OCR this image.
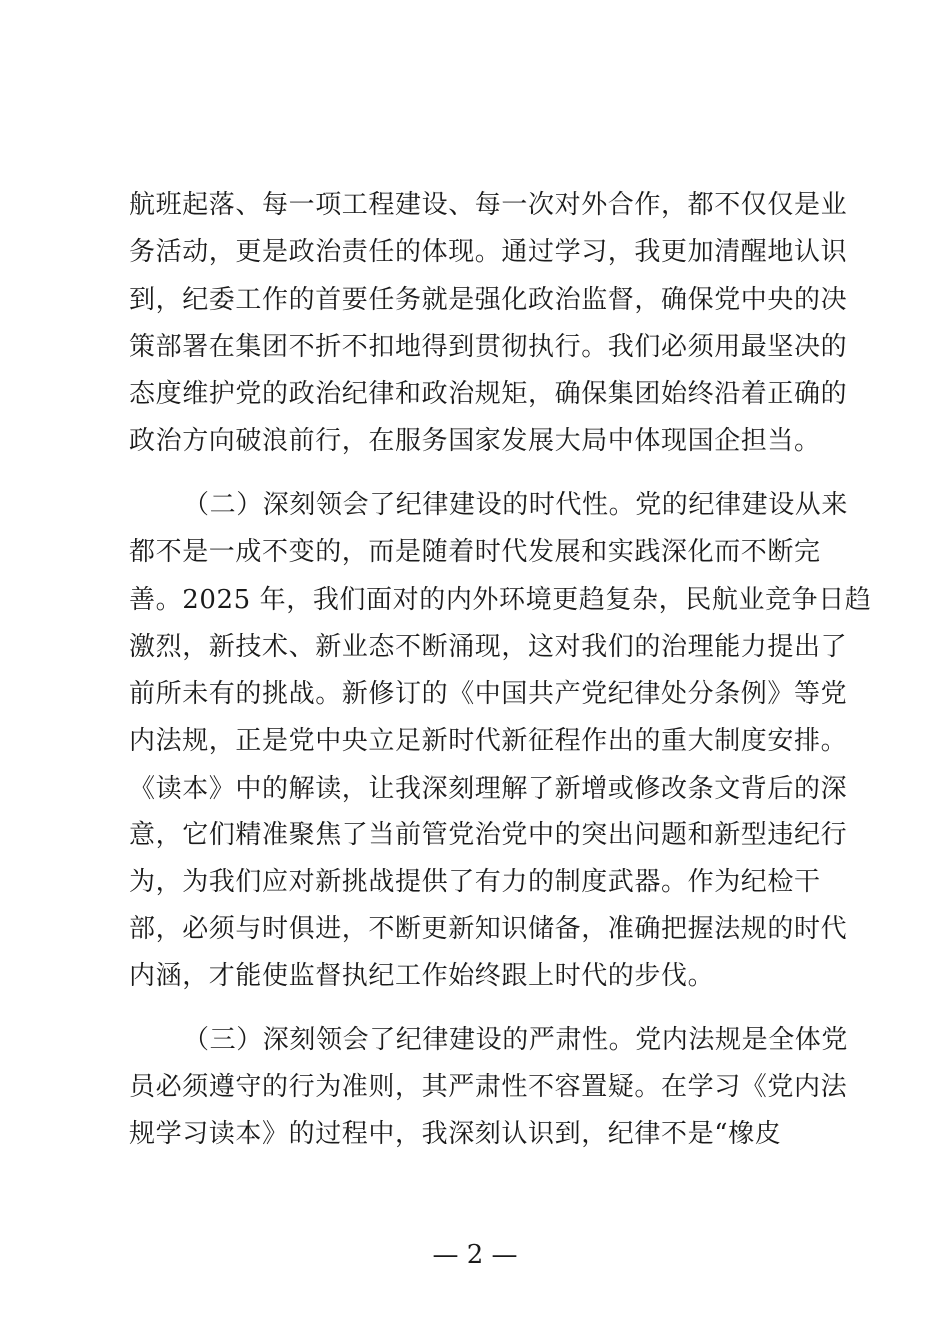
航班起落、每一项工程建设、每一次对外合作，都不仅仅是业
务活动，更是政治责任的体现。通过学习，我更加清醒地认识
到，纪委工作的首要任务就是强化政治监督，确保党中央的决
策部署在集团不折不扣地得到贯彻执行。我们必须用最坚决的
态度维护党的政治纪律和政治规矩，确保集团始终沿着正确的
政治方向破浪前行，在服务国家发展大局中体现国企担当。
（二）深刻领会了纪律建设的时代性。党的纪律建设从来
都不是一成不变的，而是随着时代发展和实践深化而不断完
善。2025 年，我们面对的内外环境更趋复杂，民航业竞争日趋
激烈，新技术、新业态不断涌现，这对我们的治理能力提出了
前所未有的挑战。新修订的《中国共产党纪律处分条例》等党
内法规，正是党中央立足新时代新征程作出的重大制度安排。
《读本》中的解读，让我深刻理解了新增或修改条文背后的深
意，它们精准聚焦了当前管党治党中的突出问题和新型违纪行
为，为我们应对新挑战提供了有力的制度武器。作为纪检干
部，必须与时俱进，不断更新知识储备，准确把握法规的时代
内涵，才能使监督执纪工作始终跟上时代的步伐。
（三）深刻领会了纪律建设的严肃性。党内法规是全体党
员必须遵守的行为准则，其严肃性不容置疑。在学习《党内法
规学习读本》的过程中，我深刻认识到，纪律不是“橡皮
— 2 —
